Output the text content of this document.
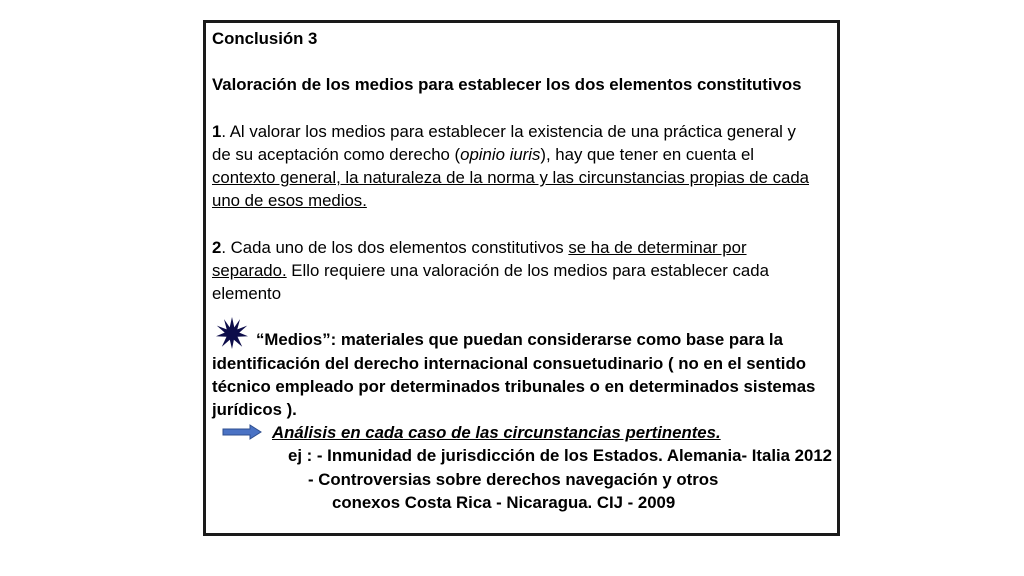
Conclusión 3
Valoración de los medios para establecer los dos elementos constitutivos
1. Al valorar los medios para establecer la existencia de una práctica general y
de su aceptación como derecho (opinio iuris), hay que tener en cuenta el
contexto general, la naturaleza de la norma y las circunstancias propias de cada
uno de esos medios.
2. Cada uno de los dos elementos constitutivos se ha de determinar por
separado. Ello requiere una valoración de los medios para establecer cada
elemento
“Medios”: materiales que puedan considerarse como base para la
identificación del derecho internacional consuetudinario ( no en el sentido
técnico empleado por determinados tribunales o en determinados sistemas
jurídicos ).
Análisis en cada caso de las circunstancias pertinentes.
ej : - Inmunidad de jurisdicción de los Estados. Alemania- Italia 2012
- Controversias sobre derechos navegación y otros
conexos Costa Rica - Nicaragua. CIJ - 2009
